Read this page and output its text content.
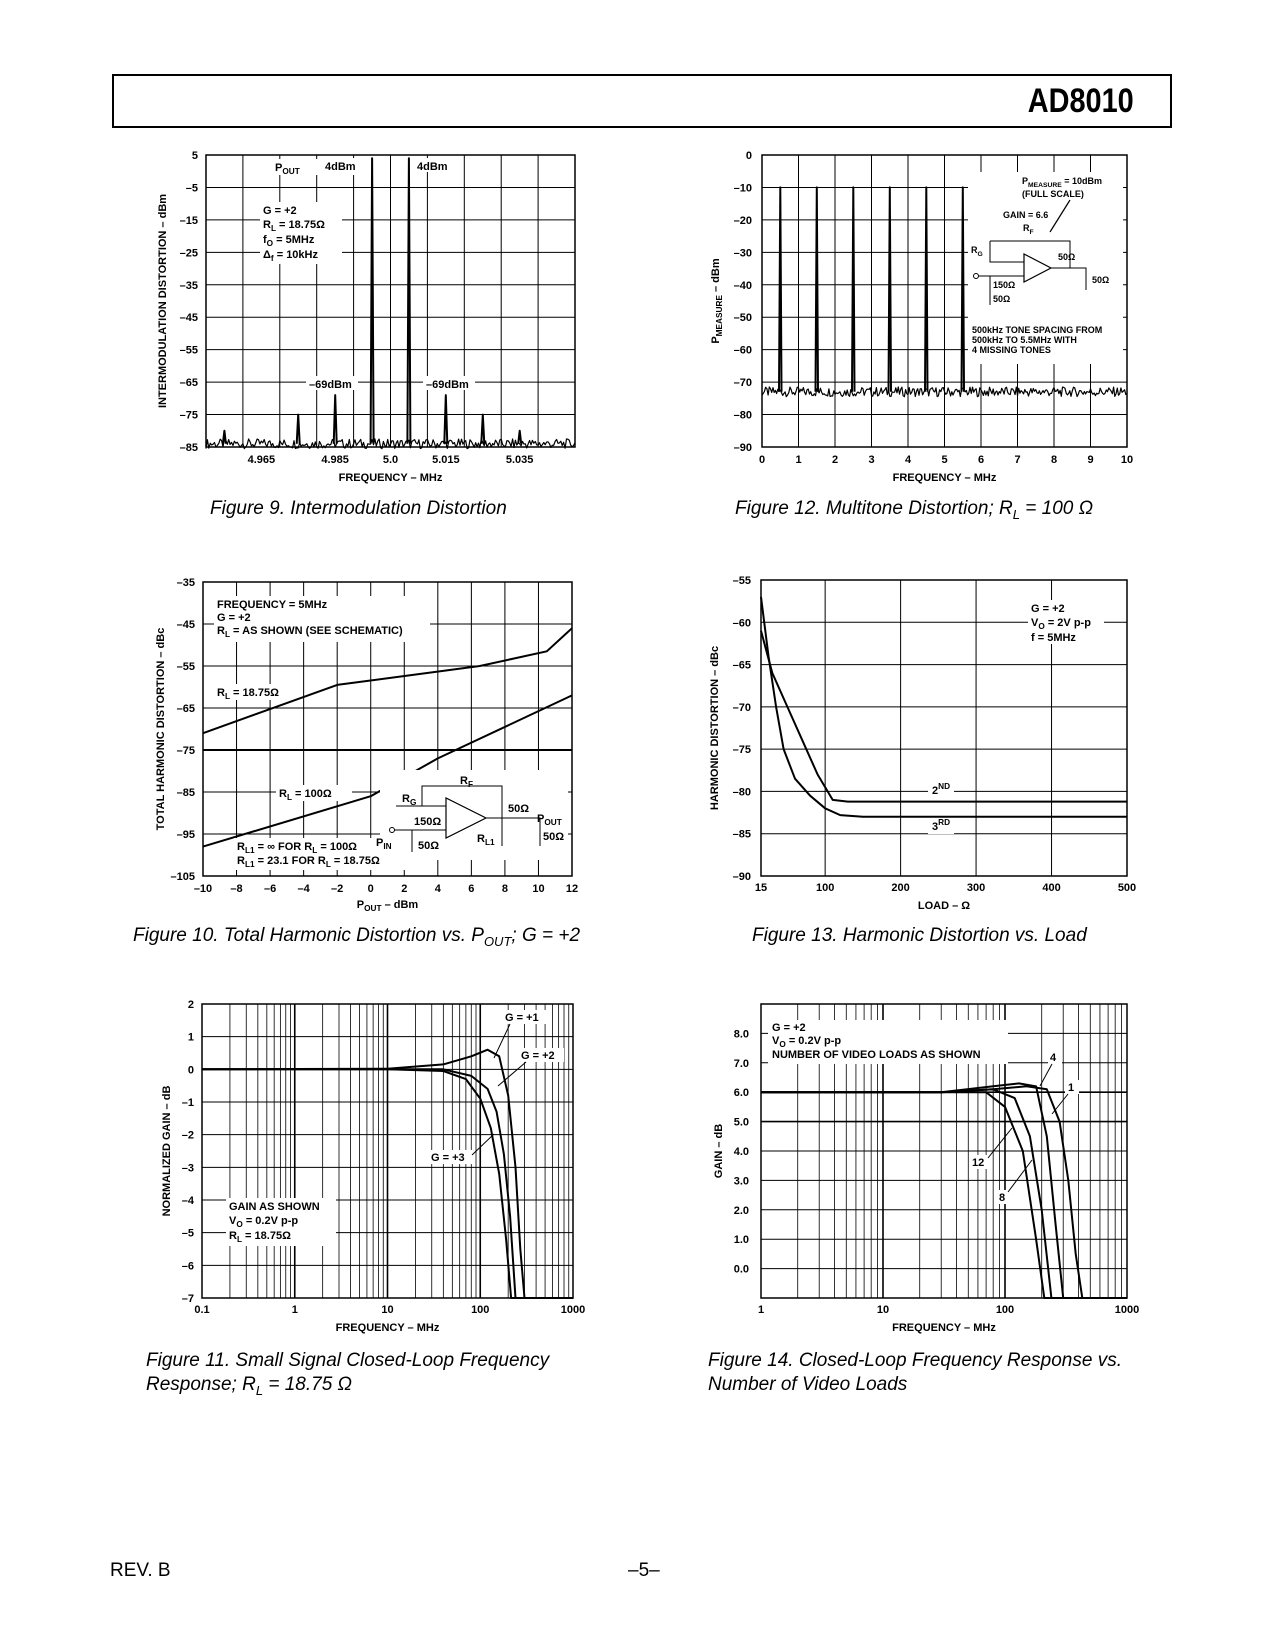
AD8010
5
–5
–15
–25
–35
–45
–55
–65
–75
–85
4.965	4.985	5.0	5.015	5.035
FREQUENCY – MHz
INTERMODULATION DISTORTION – dBm
$P_{OUT}$ 4dBm	4dBm
–69dBm	–69dBm
G = +2
$R_L = 18.75\Omega$
$f_O = 5MHz$
$\Delta_f = 10kHz$
Figure 9. Intermodulation Distortion
0
–10
–20
–30
–40
–50
–60
–70
–80
–90
0	1	2	3	4	5	6	7	8	9 10
FREQUENCY – MHz
$P_{MEASURE}$ – dBm
$P_{MEASURE} = 10dBm$
(FULL SCALE)
GAIN = 6.6
$R_F$
$R_G$	50Ω
50Ω
150Ω
50Ω
500kHz TONE SPACING FROM
500kHz TO 5.5MHz WITH
4 MISSING TONES
Figure 12. Multitone Distortion; $R_L = 100$ Ω
–35
–45
–55
–65
–75
–85
–95
–105
–10 –8 –6 –4 –2 0 2 4 6 8 10 12
$P_{OUT}$ – dBm
TOTAL HARMONIC DISTORTION – dBc
FREQUENCY = 5MHz
G = +2
$R_L$ = AS SHOWN (SEE SCHEMATIC)
$R_L = 18.75\Omega$
$R_L = 100\Omega$
$R_{L1}$ = ∞ FOR $R_L = 100\Omega$
$R_{L1} = 23.1$ FOR $R_L = 18.75\Omega$
$R_F$
$R_G$
150Ω
50Ω
$P_{IN}$
50Ω
$P_{OUT}$
$R_{L1}$	50Ω
Figure 10. Total Harmonic Distortion vs. $P_{OUT}$; G = +2
–55
–60
–65
–70
–75
–80
–85
–90
15	100	200	300	400	500
LOAD – Ω
HARMONIC DISTORTION – dBc
G = +2
$V_O = 2V$ p-p
f = 5MHz
2ND
3RD
Figure 13. Harmonic Distortion vs. Load
2
1
0
–1
–2
–3
–4
–5
–6
–7
0.1	1	10	100	1000
FREQUENCY – MHz
NORMALIZED GAIN – dB
G = +1
G = +2
G = +3
GAIN AS SHOWN
$V_O = 0.2V$ p-p
$R_L = 18.75\Omega$
Figure 11. Small Signal Closed-Loop Frequency
Response; $R_L = 18.75$ Ω
8.0
7.0
6.0
5.0
4.0
3.0
2.0
1.0
0.0
1	10	100	1000
FREQUENCY – MHz
GAIN – dB
G = +2
$V_O = 0.2V$ p-p
NUMBER OF VIDEO LOADS AS SHOWN	4
1
12
8
Figure 14. Closed-Loop Frequency Response vs.
Number of Video Loads
REV. B	–5–
